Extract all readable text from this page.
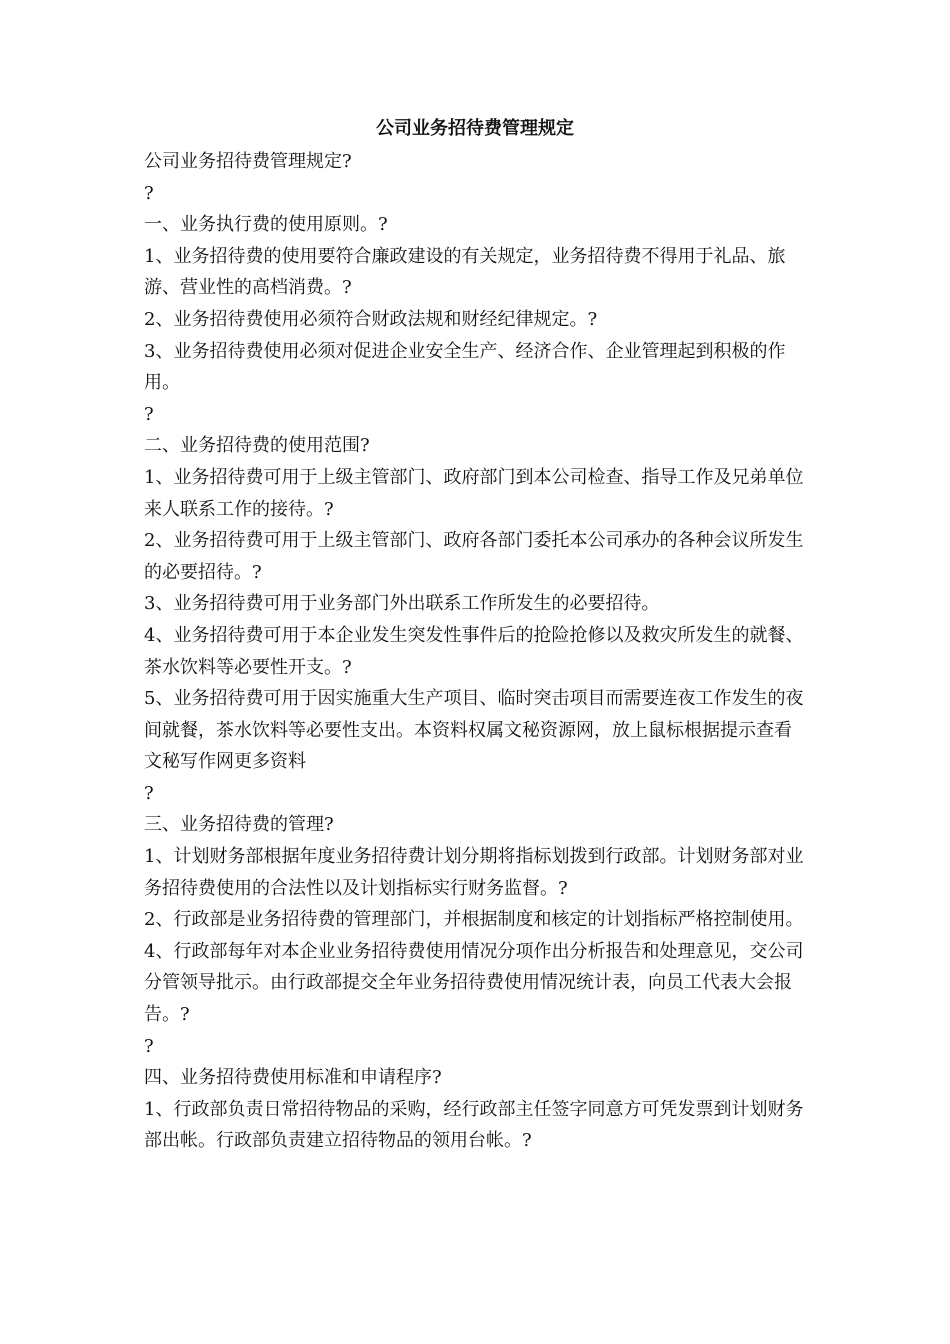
公司业务招待费管理规定

公司业务招待费管理规定?

?

一、业务执行费的使用原则。?

1、业务招待费的使用要符合廉政建设的有关规定，业务招待费不得用于礼品、旅游、营业性的高档消费。?

2、业务招待费使用必须符合财政法规和财经纪律规定。?

3、业务招待费使用必须对促进企业安全生产、经济合作、企业管理起到积极的作用。

?

二、业务招待费的使用范围?

1、业务招待费可用于上级主管部门、政府部门到本公司检查、指导工作及兄弟单位来人联系工作的接待。?

2、业务招待费可用于上级主管部门、政府各部门委托本公司承办的各种会议所发生的必要招待。?

3、业务招待费可用于业务部门外出联系工作所发生的必要招待。

4、业务招待费可用于本企业发生突发性事件后的抢险抢修以及救灾所发生的就餐、茶水饮料等必要性开支。?

5、业务招待费可用于因实施重大生产项目、临时突击项目而需要连夜工作发生的夜间就餐，茶水饮料等必要性支出。本资料权属文秘资源网，放上鼠标根据提示查看文秘写作网更多资料

?

三、业务招待费的管理?

1、计划财务部根据年度业务招待费计划分期将指标划拨到行政部。计划财务部对业务招待费使用的合法性以及计划指标实行财务监督。?

2、行政部是业务招待费的管理部门，并根据制度和核定的计划指标严格控制使用。

4、行政部每年对本企业业务招待费使用情况分项作出分析报告和处理意见，交公司分管领导批示。由行政部提交全年业务招待费使用情况统计表，向员工代表大会报告。?

?

四、业务招待费使用标准和申请程序?

1、行政部负责日常招待物品的采购，经行政部主任签字同意方可凭发票到计划财务部出帐。行政部负责建立招待物品的领用台帐。?
